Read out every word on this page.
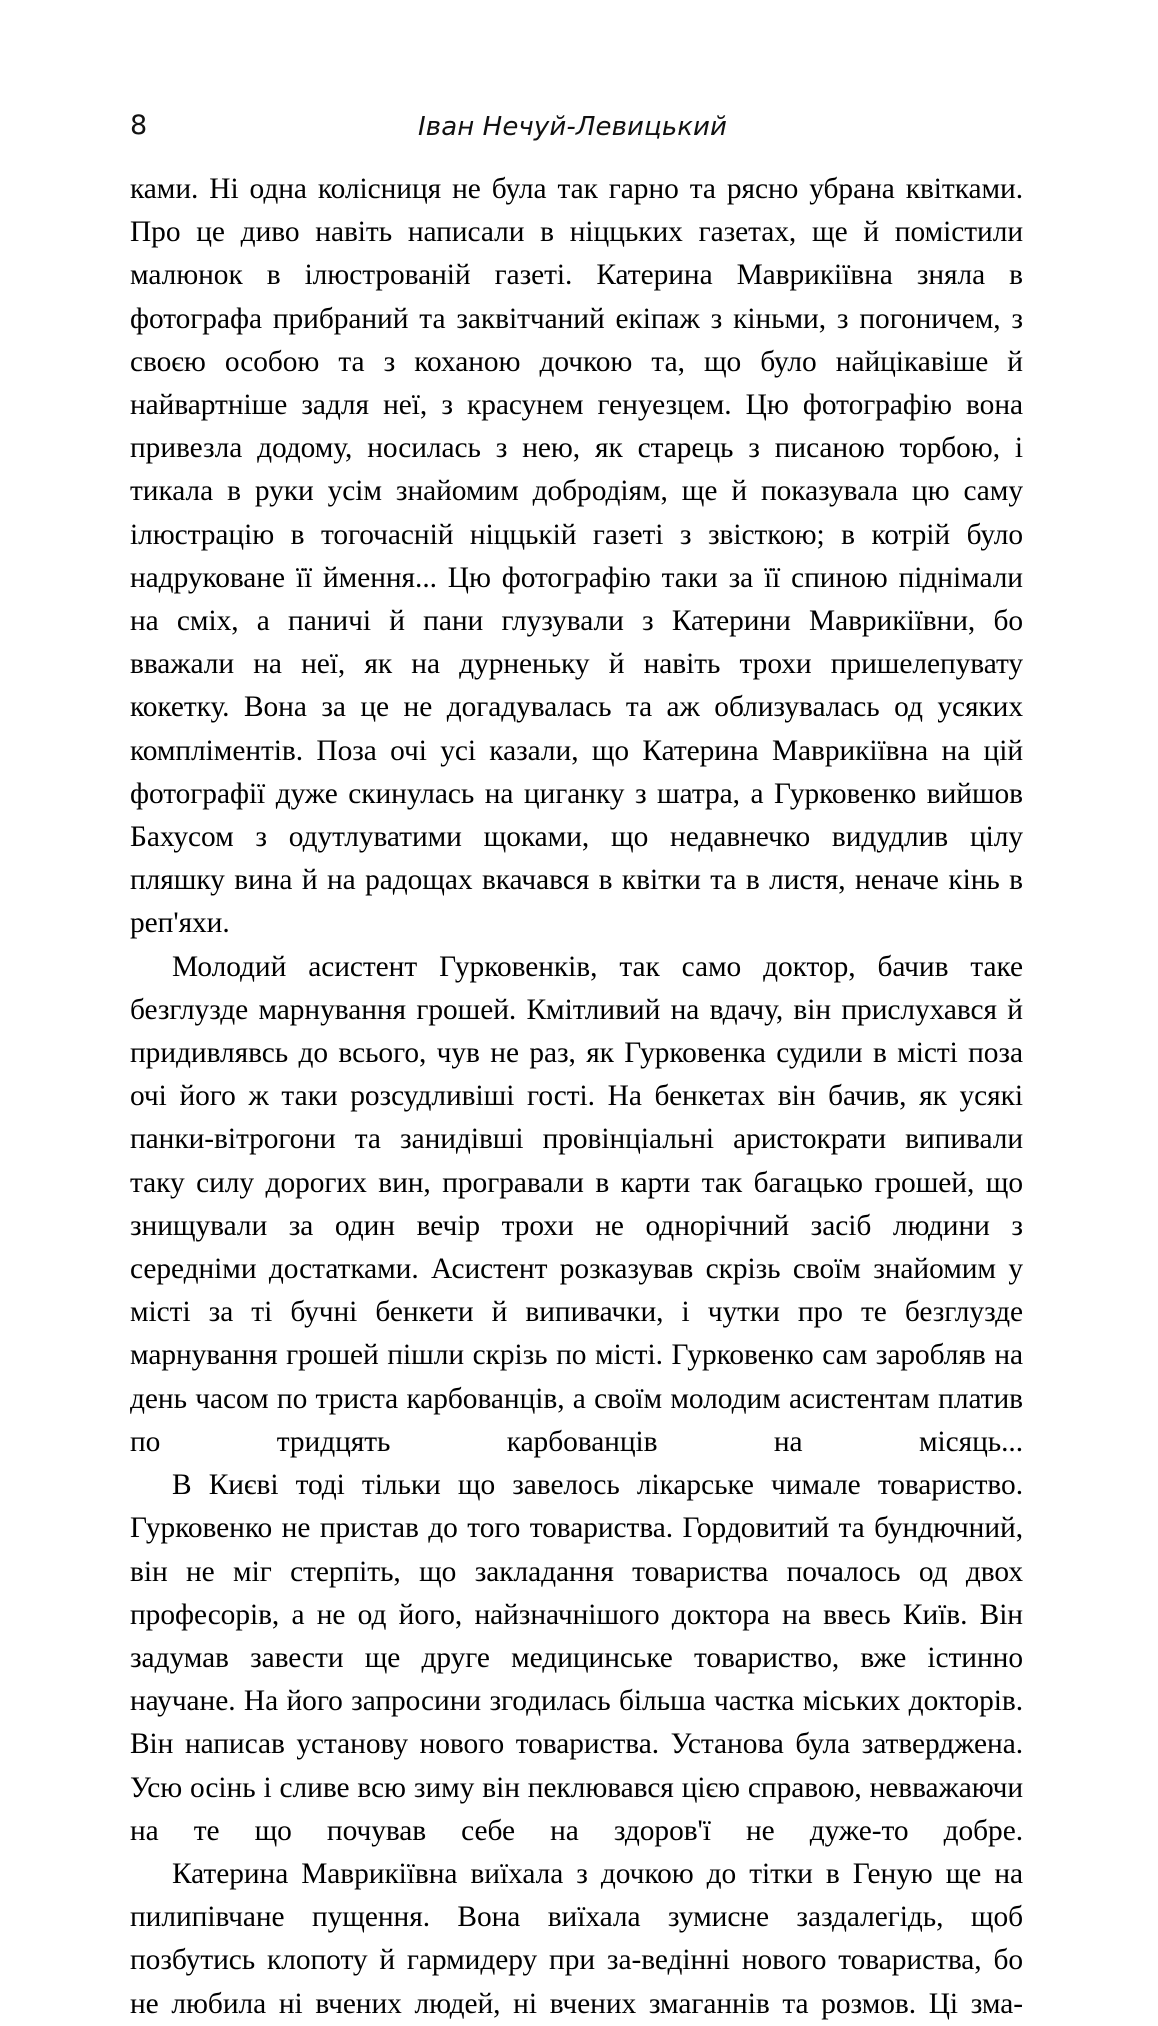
8	Іван Нечуй-Левицький

ками. Ні одна колісниця не була так гарно та рясно убрана квітками. Про це диво навіть написали в ніццьких газетах, ще й помістили малюнок в ілюстрованій газеті. Катерина Маврикіївна зняла в фотографа прибраний та заквітчаний екіпаж з кіньми, з погоничем, з своєю особою та з коханою дочкою та, що було найцікавіше й найвартніше задля неї, з красунем генуезцем. Цю фотографію вона привезла додому, носилась з нею, як старець з писаною торбою, і тикала в руки усім знайомим добродіям, ще й показувала цю саму ілюстрацію в тогочасній ніццькій газеті з звісткою; в котрій було надруковане її ймення... Цю фотографію таки за її спиною піднімали на сміх, а паничі й пани глузували з Катерини Маврикіївни, бо вважали на неї, як на дурненьку й навіть трохи пришелепувату кокетку. Вона за це не догадувалась та аж облизувалась од усяких компліментів. Поза очі усі казали, що Катерина Маврикіївна на цій фотографії дуже скинулась на циганку з шатра, а Гурковенко вийшов Бахусом з одутлуватими щоками, що недавнечко видудлив цілу пляшку вина й на радощах вкачався в квітки та в листя, неначе кінь в реп'яхи.

Молодий асистент Гурковенків, так само доктор, бачив таке безглузде марнування грошей. Кмітливий на вдачу, він прислухався й придивлявсь до всього, чув не раз, як Гурковенка судили в місті поза очі його ж таки розсудливіші гості. На бенкетах він бачив, як усякі панки-вітрогони та занидівші провінціальні аристократи випивали таку силу дорогих вин, програвали в карти так багацько грошей, що знищували за один вечір трохи не однорічний засіб людини з середніми достатками. Асистент розказував скрізь своїм знайомим у місті за ті бучні бенкети й випивачки, і чутки про те безглузде марнування грошей пішли скрізь по місті. Гурковенко сам заробляв на день часом по триста карбованців, а своїм молодим асистентам платив по тридцять карбованців на місяць...

В Києві тоді тільки що завелось лікарське чимале товариство. Гурковенко не пристав до того товариства. Гордовитий та бундючний, він не міг стерпіть, що закладання товариства почалось од двох професорів, а не од його, найзначнішого доктора на ввесь Київ. Він задумав завести ще друге медицинське товариство, вже істинно научане. На його запросини згодилась більша частка міських докторів. Він написав установу нового товариства. Установа була затверджена. Усю осінь і сливе всю зиму він пеклювався цією справою, невважаючи на те що почував себе на здоров'ї не дуже-то добре.

Катерина Маврикіївна виїхала з дочкою до тітки в Геную ще на пилипівчане пущення. Вона виїхала зумисне заздалегідь, щоб позбутись клопоту й гармидеру при за-ведінні нового товариства, бо не любила ні вчених людей, ні вчених змаганнів та розмов. Ці зма-
